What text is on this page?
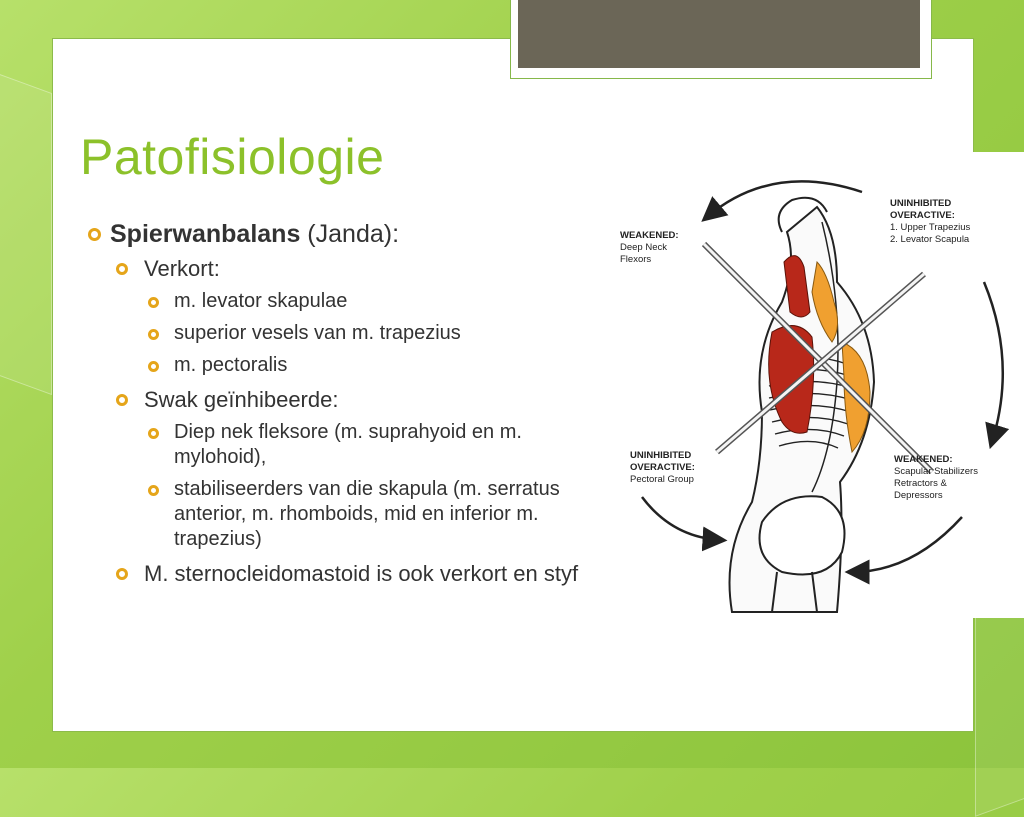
Patofisiologie
Spierwanbalans (Janda):
Verkort:
m. levator skapulae
superior vesels van m. trapezius
m. pectoralis
Swak geïnhibeerde:
Diep nek fleksore (m. suprahyoid en m. mylohoid),
stabiliseerders van die skapula (m. serratus anterior, m. rhomboids, mid en inferior m. trapezius)
M. sternocleidomastoid is ook verkort en styf
WEAKENED:
Deep Neck
Flexors
UNINHIBITED
OVERACTIVE:
1. Upper Trapezius
2. Levator Scapula
UNINHIBITED
OVERACTIVE:
Pectoral Group
WEAKENED:
Scapular Stabilizers
Retractors &
Depressors
